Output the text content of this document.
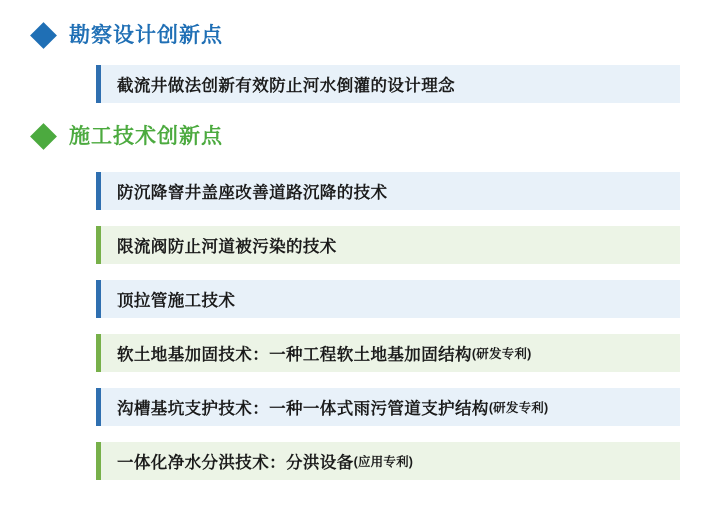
勘察设计创新点
截流井做法创新有效防止河水倒灌的设计理念
施工技术创新点
防沉降窨井盖座改善道路沉降的技术
限流阀防止河道被污染的技术
顶拉管施工技术
软土地基加固技术：一种工程软土地基加固结构 (研发专利)
沟槽基坑支护技术：一种一体式雨污管道支护结构 (研发专利)
一体化净水分洪技术：分洪设备 (应用专利)
